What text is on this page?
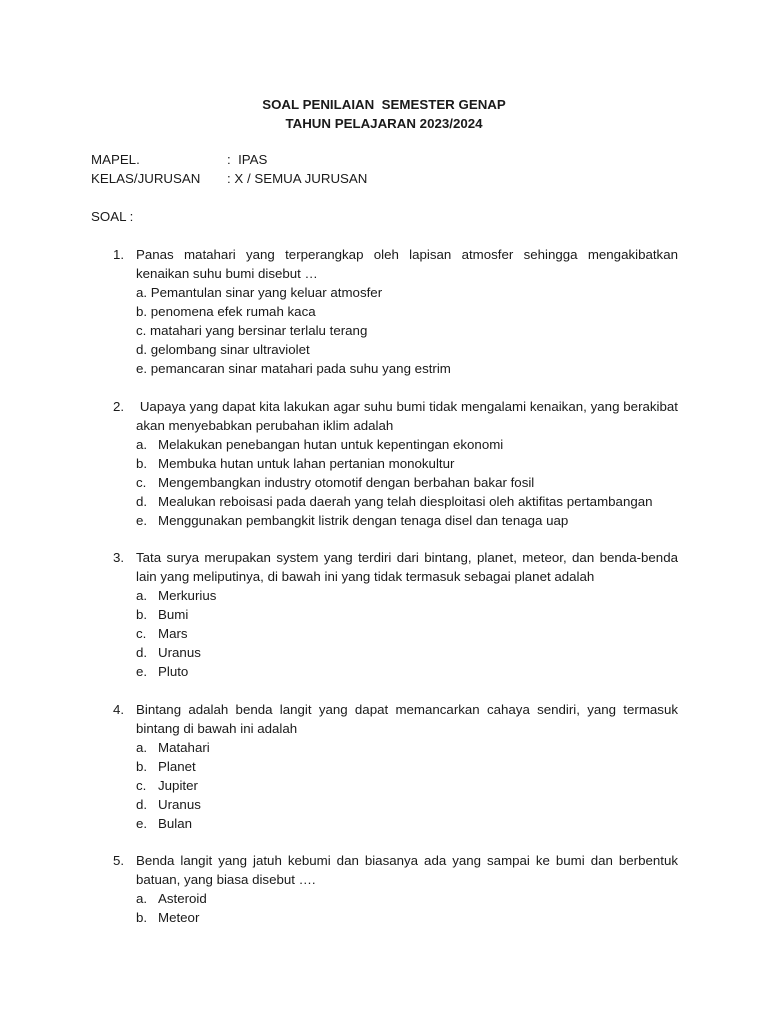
SOAL PENILAIAN  SEMESTER GENAP
TAHUN PELAJARAN 2023/2024
MAPEL.	:  IPAS
KELAS/JURUSAN	: X / SEMUA JURUSAN
SOAL :
1. Panas matahari yang terperangkap oleh lapisan atmosfer sehingga mengakibatkan kenaikan suhu bumi disebut …
a. Pemantulan sinar yang keluar atmosfer
b. penomena efek rumah kaca
c. matahari yang bersinar terlalu terang
d. gelombang sinar ultraviolet
e. pemancaran sinar matahari pada suhu yang estrim
2. Uapaya yang dapat kita lakukan agar suhu bumi tidak mengalami kenaikan, yang berakibat akan menyebabkan perubahan iklim adalah
a. Melakukan penebangan hutan untuk kepentingan ekonomi
b. Membuka hutan untuk lahan pertanian monokultur
c. Mengembangkan industry otomotif dengan berbahan bakar fosil
d. Mealukan reboisasi pada daerah yang telah diesploitasi oleh aktifitas pertambangan
e. Menggunakan pembangkit listrik dengan tenaga disel dan tenaga uap
3. Tata surya merupakan system yang terdiri dari bintang, planet, meteor, dan benda-benda lain yang meliputinya, di bawah ini yang tidak termasuk sebagai planet adalah
a. Merkurius
b. Bumi
c. Mars
d. Uranus
e. Pluto
4. Bintang adalah benda langit yang dapat memancarkan cahaya sendiri, yang termasuk bintang di bawah ini adalah
a. Matahari
b. Planet
c. Jupiter
d. Uranus
e. Bulan
5. Benda langit yang jatuh kebumi dan biasanya ada yang sampai ke bumi dan berbentuk batuan, yang biasa disebut ….
a. Asteroid
b. Meteor
